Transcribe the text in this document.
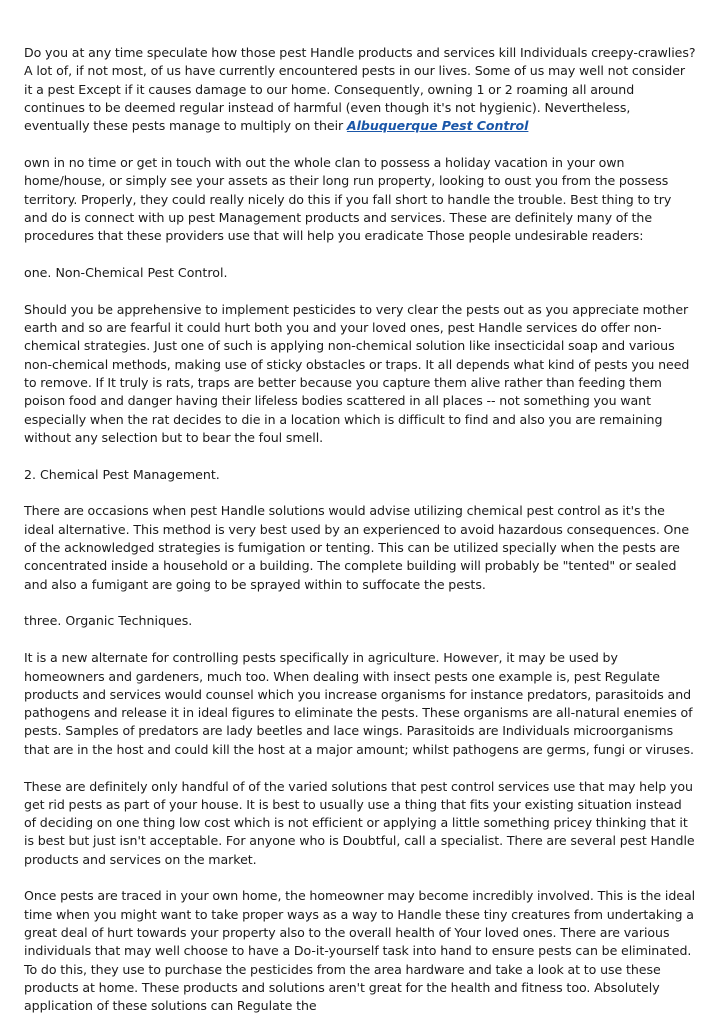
Do you at any time speculate how those pest Handle products and services kill Individuals creepy-crawlies? A lot of, if not most, of us have currently encountered pests in our lives. Some of us may well not consider it a pest Except if it causes damage to our home. Consequently, owning 1 or 2 roaming all around continues to be deemed regular instead of harmful (even though it's not hygienic). Nevertheless, eventually these pests manage to multiply on their Albuquerque Pest Control

own in no time or get in touch with out the whole clan to possess a holiday vacation in your own home/house, or simply see your assets as their long run property, looking to oust you from the possess territory. Properly, they could really nicely do this if you fall short to handle the trouble. Best thing to try and do is connect with up pest Management products and services. These are definitely many of the procedures that these providers use that will help you eradicate Those people undesirable readers:

one. Non-Chemical Pest Control.

Should you be apprehensive to implement pesticides to very clear the pests out as you appreciate mother earth and so are fearful it could hurt both you and your loved ones, pest Handle services do offer non-chemical strategies. Just one of such is applying non-chemical solution like insecticidal soap and various non-chemical methods, making use of sticky obstacles or traps. It all depends what kind of pests you need to remove. If It truly is rats, traps are better because you capture them alive rather than feeding them poison food and danger having their lifeless bodies scattered in all places -- not something you want especially when the rat decides to die in a location which is difficult to find and also you are remaining without any selection but to bear the foul smell.

2. Chemical Pest Management.

There are occasions when pest Handle solutions would advise utilizing chemical pest control as it's the ideal alternative. This method is very best used by an experienced to avoid hazardous consequences. One of the acknowledged strategies is fumigation or tenting. This can be utilized specially when the pests are concentrated inside a household or a building. The complete building will probably be "tented" or sealed and also a fumigant are going to be sprayed within to suffocate the pests.

three. Organic Techniques.

It is a new alternate for controlling pests specifically in agriculture. However, it may be used by homeowners and gardeners, much too. When dealing with insect pests one example is, pest Regulate products and services would counsel which you increase organisms for instance predators, parasitoids and pathogens and release it in ideal figures to eliminate the pests. These organisms are all-natural enemies of pests. Samples of predators are lady beetles and lace wings. Parasitoids are Individuals microorganisms that are in the host and could kill the host at a major amount; whilst pathogens are germs, fungi or viruses.

These are definitely only handful of of the varied solutions that pest control services use that may help you get rid pests as part of your house. It is best to usually use a thing that fits your existing situation instead of deciding on one thing low cost which is not efficient or applying a little something pricey thinking that it is best but just isn't acceptable. For anyone who is Doubtful, call a specialist. There are several pest Handle products and services on the market.

Once pests are traced in your own home, the homeowner may become incredibly involved. This is the ideal time when you might want to take proper ways as a way to Handle these tiny creatures from undertaking a great deal of hurt towards your property also to the overall health of Your loved ones. There are various individuals that may well choose to have a Do-it-yourself task into hand to ensure pests can be eliminated. To do this, they use to purchase the pesticides from the area hardware and take a look at to use these products at home. These products and solutions aren't great for the health and fitness too. Absolutely application of these solutions can Regulate the
